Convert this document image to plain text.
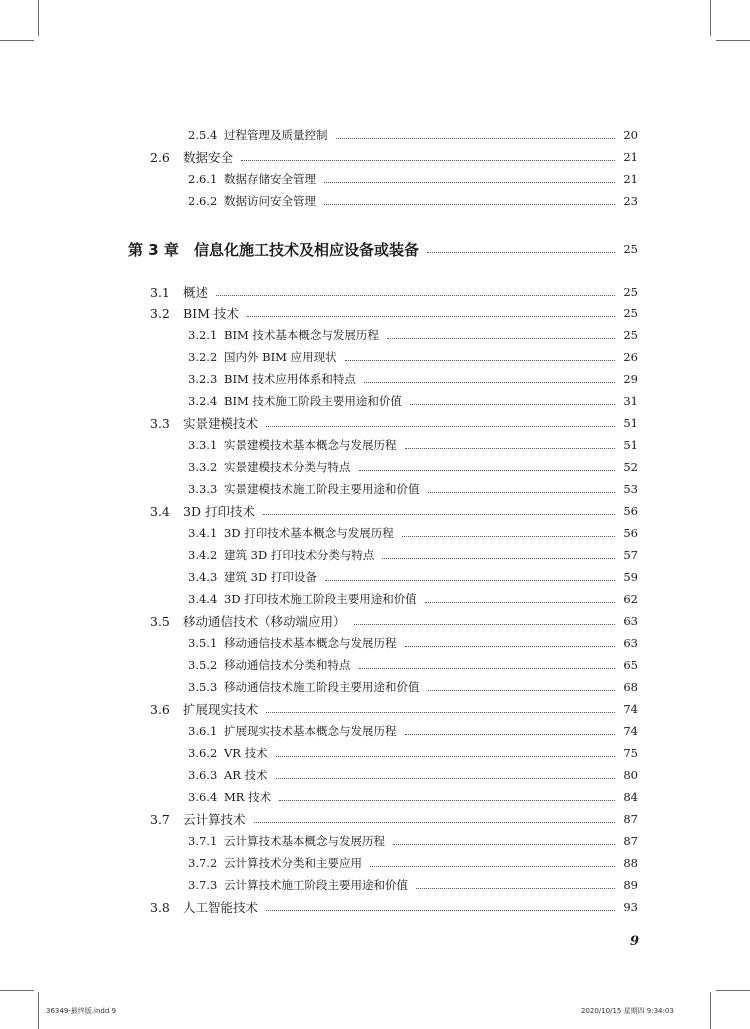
2.5.4 过程管理及质量控制	20
2.6	数据安全	21
2.6.1 数据存储安全管理	21
2.6.2 数据访问安全管理	23
第 3 章	信息化施工技术及相应设备或装备	25
3.1	概述	25
3.2	BIM 技术	25
3.2.1 BIM 技术基本概念与发展历程	25
3.2.2 国内外 BIM 应用现状	26
3.2.3 BIM 技术应用体系和特点	29
3.2.4 BIM 技术施工阶段主要用途和价值	31
3.3	实景建模技术	51
3.3.1 实景建模技术基本概念与发展历程	51
3.3.2 实景建模技术分类与特点	52
3.3.3 实景建模技术施工阶段主要用途和价值	53
3.4	3D 打印技术	56
3.4.1 3D 打印技术基本概念与发展历程	56
3.4.2 建筑 3D 打印技术分类与特点	57
3.4.3 建筑 3D 打印设备	59
3.4.4 3D 打印技术施工阶段主要用途和价值	62
3.5	移动通信技术（移动端应用）	63
3.5.1 移动通信技术基本概念与发展历程	63
3.5.2 移动通信技术分类和特点	65
3.5.3 移动通信技术施工阶段主要用途和价值	68
3.6	扩展现实技术	74
3.6.1 扩展现实技术基本概念与发展历程	74
3.6.2 VR 技术	75
3.6.3 AR 技术	80
3.6.4 MR 技术	84
3.7	云计算技术	87
3.7.1 云计算技术基本概念与发展历程	87
3.7.2 云计算技术分类和主要应用	88
3.7.3 云计算技术施工阶段主要用途和价值	89
3.8	人工智能技术	93
9
36349-最终版.indd 9	2020/10/15 星期四 9:34:03
